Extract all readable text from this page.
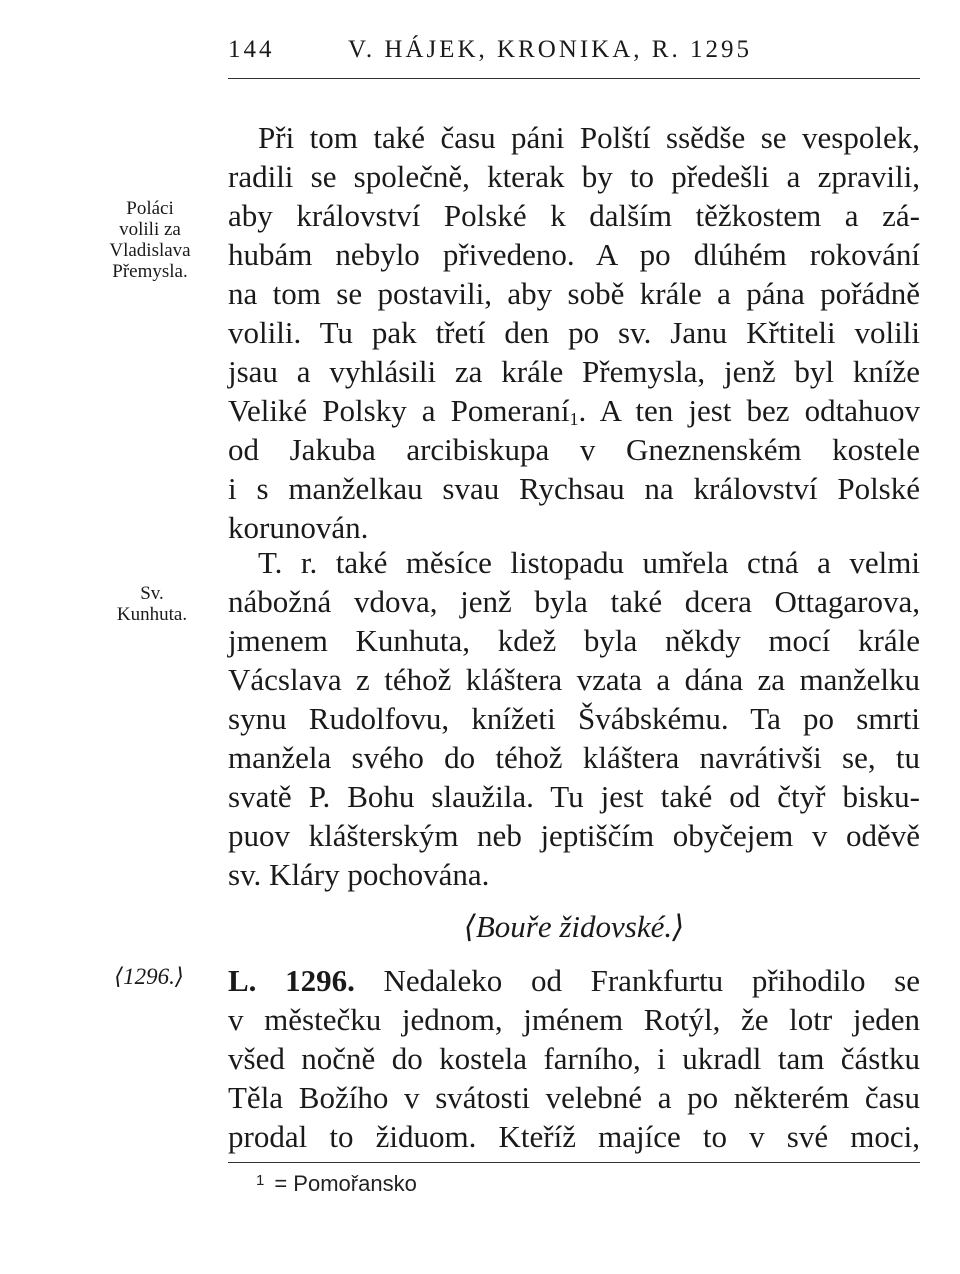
144	V. HÁJEK, KRONIKA, R. 1295
Poláci
volili za
Vladislava
Přemysla.
Sv.
Kunhuta.
⟨1296.⟩
Při tom také času páni Polští ssědše se vespolek,
radili se společně, kterak by to předešli a zpravili,
aby království Polské k dalším těžkostem a zá-
hubám nebylo přivedeno. A po dlúhém rokování
na tom se postavili, aby sobě krále a pána pořádně
volili. Tu pak třetí den po sv. Janu Křtiteli volili
jsau a vyhlásili za krále Přemysla, jenž byl kníže
Veliké Polsky a Pomeraní$_1$. A ten jest bez odtahuov
od Jakuba arcibiskupa v Gneznenském kostele
i s manželkau svau Rychsau na království Polské
korunován.
T. r. také měsíce listopadu umřela ctná a velmi
nábožná vdova, jenž byla také dcera Ottagarova,
jmenem Kunhuta, kdež byla někdy mocí krále
Vácslava z téhož kláštera vzata a dána za manželku
synu Rudolfovu, knížeti Švábskému. Ta po smrti
manžela svého do téhož kláštera navrátivši se, tu
svatě P. Bohu slaužila. Tu jest také od čtyř bisku-
puov klášterským neb jeptiščím obyčejem v oděvě
sv. Kláry pochována.
⟨Bouře židovské.⟩
L. 1296. Nedaleko od Frankfurtu přihodilo se
v městečku jednom, jménem Rotýl, že lotr jeden
všed nočně do kostela farního, i ukradl tam částku
Těla Božího v svátosti velebné a po některém času
prodal to židuom. Kteříž majíce to v své moci,
$^1$ = Pomořansko
